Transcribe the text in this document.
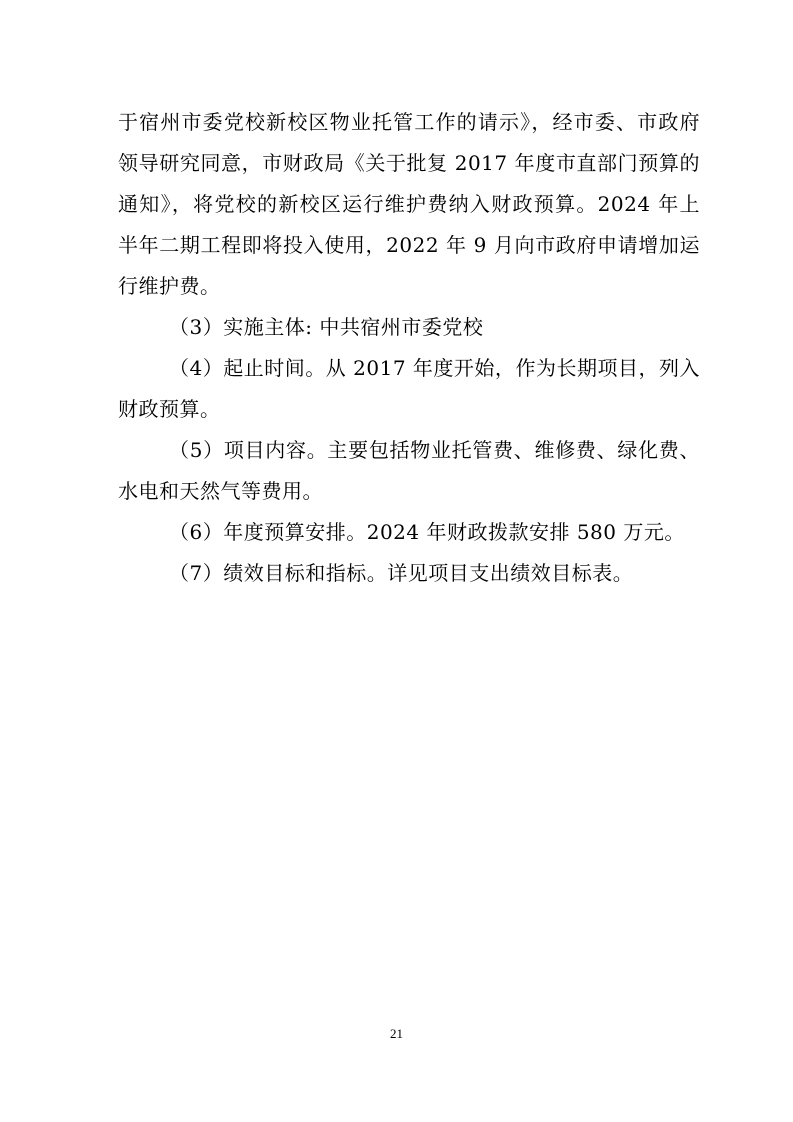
于宿州市委党校新校区物业托管工作的请示》，经市委、市政府领导研究同意，市财政局《关于批复 2017 年度市直部门预算的通知》，将党校的新校区运行维护费纳入财政预算。2024 年上半年二期工程即将投入使用，2022 年 9 月向市政府申请增加运行维护费。

（3）实施主体: 中共宿州市委党校

（4）起止时间。从 2017 年度开始，作为长期项目，列入财政预算。

（5）项目内容。主要包括物业托管费、维修费、绿化费、水电和天然气等费用。

（6）年度预算安排。2024 年财政拨款安排 580 万元。

（7）绩效目标和指标。详见项目支出绩效目标表。

21
